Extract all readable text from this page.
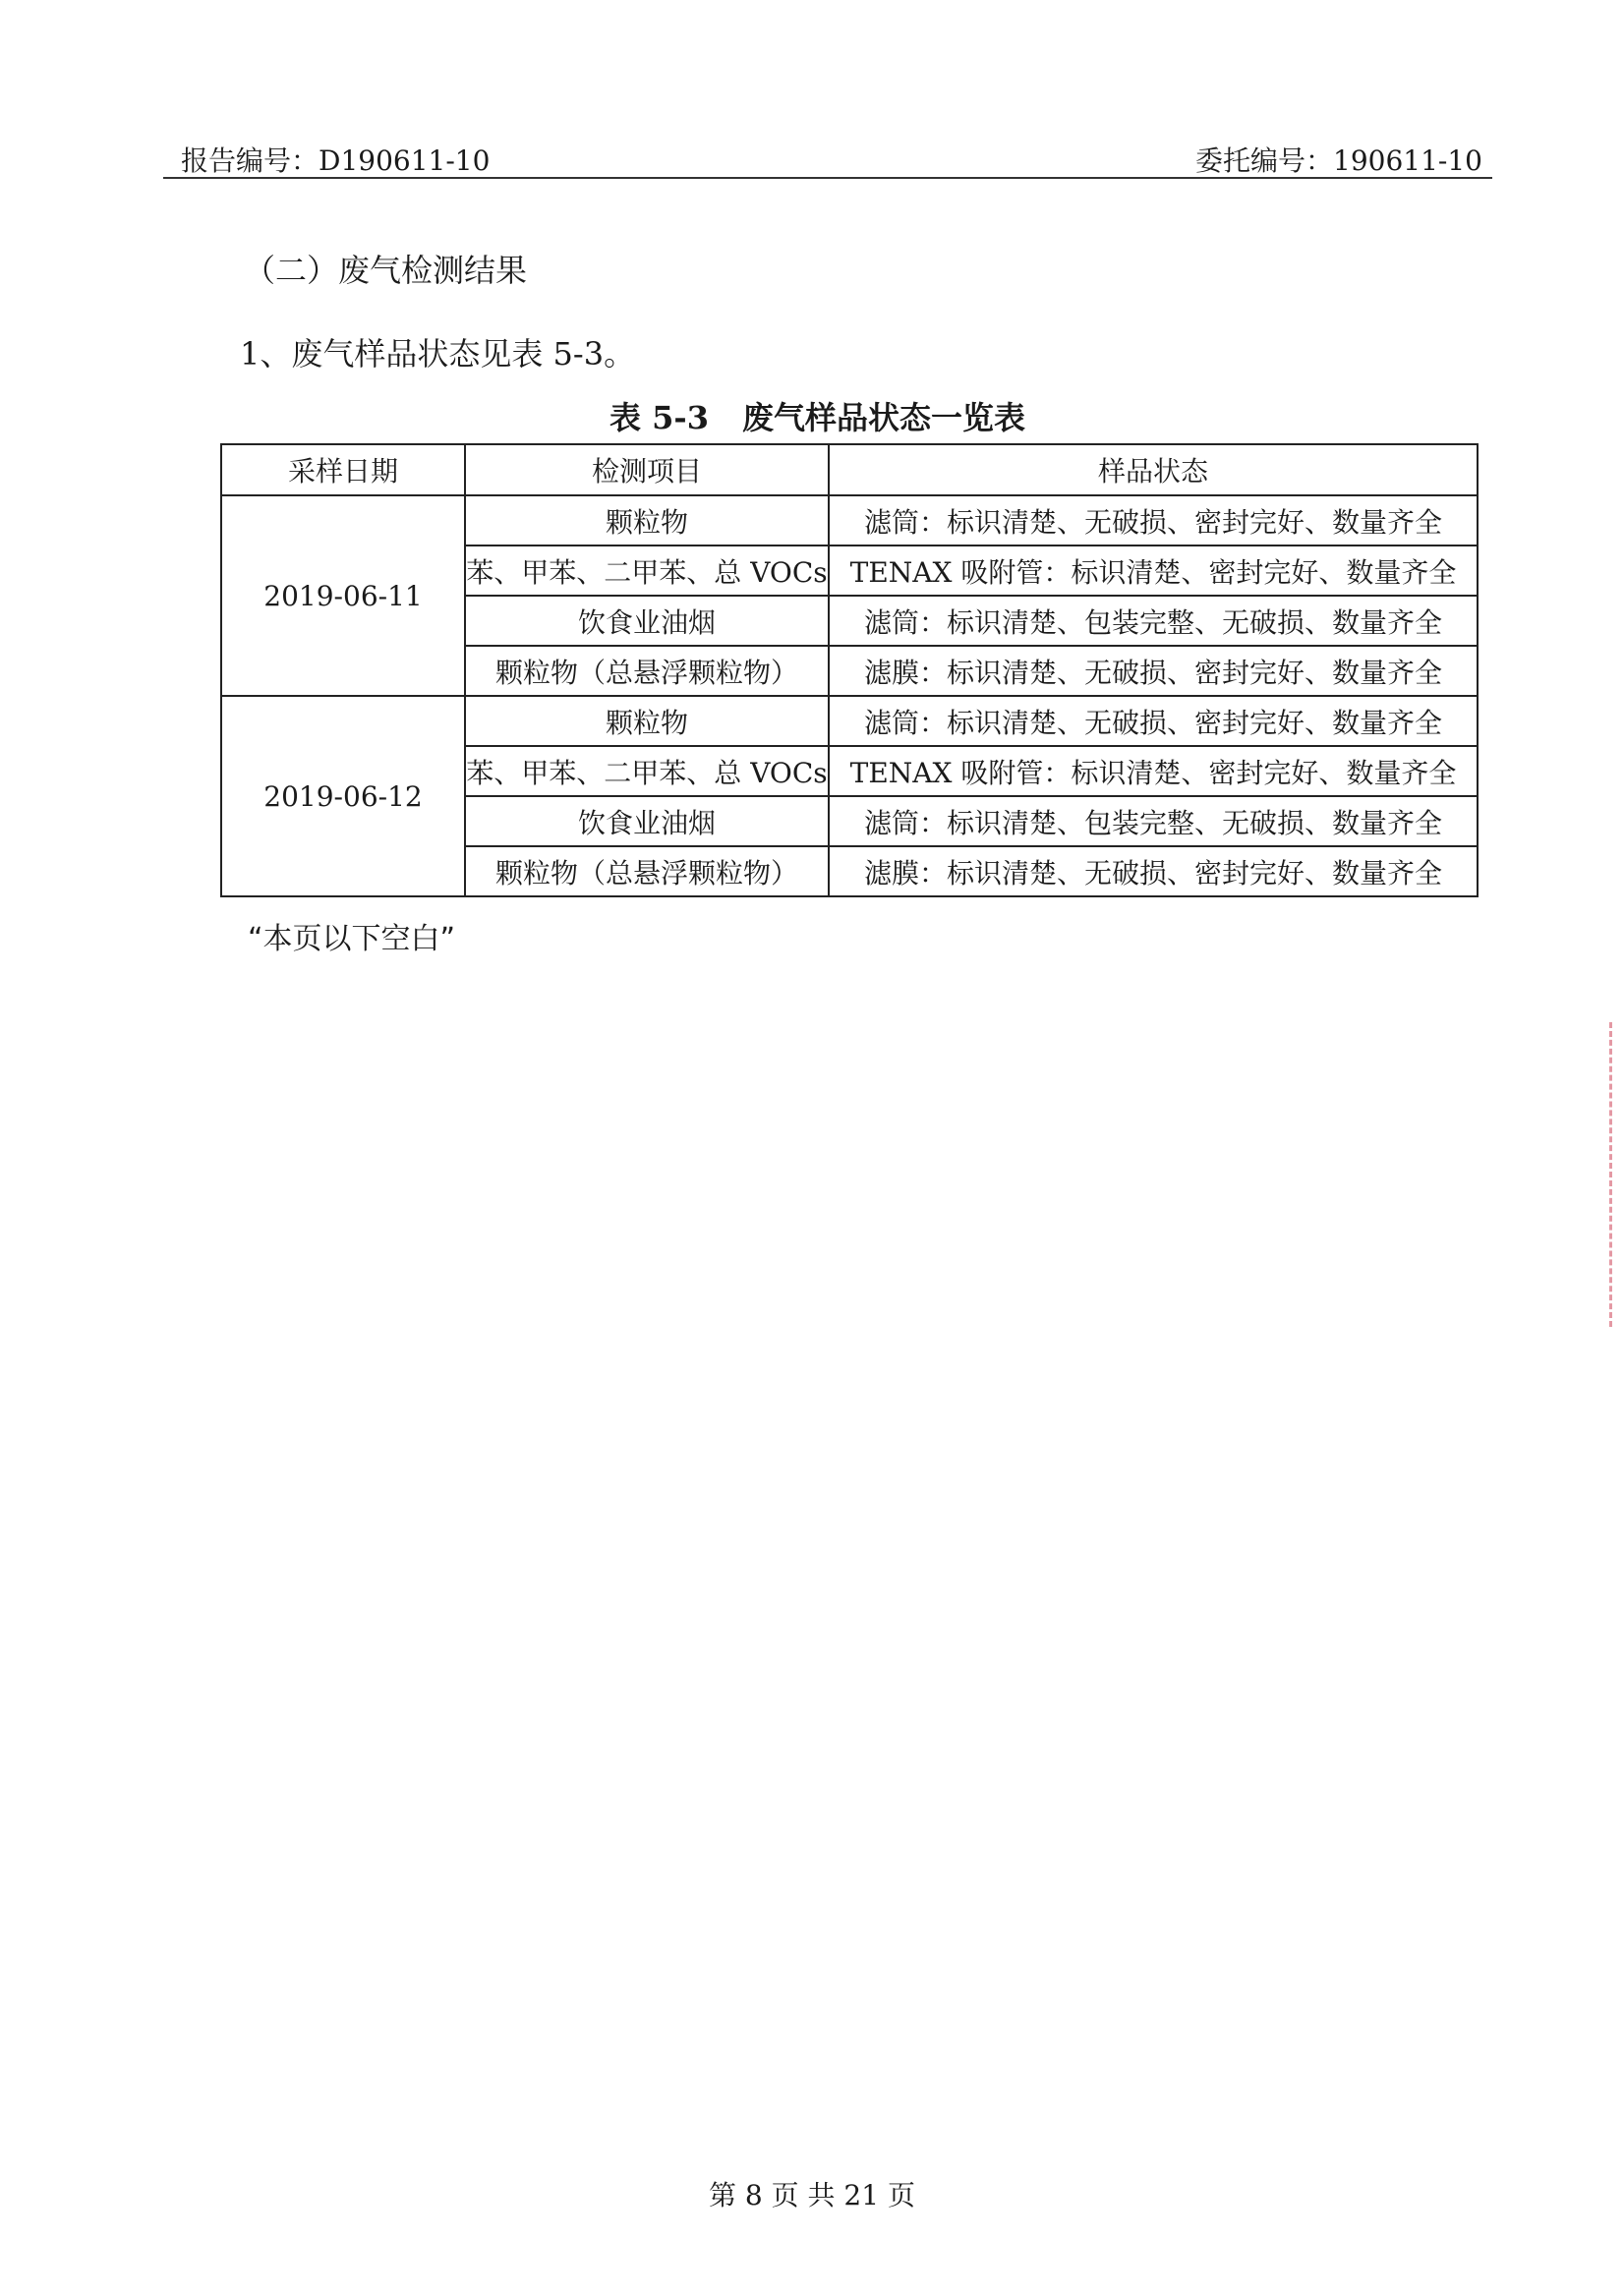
报告编号：D190611-10	委托编号：190611-10
（二）废气检测结果
1、废气样品状态见表 5-3。
表 5-3 废气样品状态一览表
采样日期	检测项目	样品状态
2019-06-11	颗粒物	滤筒：标识清楚、无破损、密封完好、数量齐全
	苯、甲苯、二甲苯、总 VOCs	TENAX 吸附管：标识清楚、密封完好、数量齐全
	饮食业油烟	滤筒：标识清楚、包装完整、无破损、数量齐全
	颗粒物（总悬浮颗粒物）	滤膜：标识清楚、无破损、密封完好、数量齐全
2019-06-12	颗粒物	滤筒：标识清楚、无破损、密封完好、数量齐全
	苯、甲苯、二甲苯、总 VOCs	TENAX 吸附管：标识清楚、密封完好、数量齐全
	饮食业油烟	滤筒：标识清楚、包装完整、无破损、数量齐全
	颗粒物（总悬浮颗粒物）	滤膜：标识清楚、无破损、密封完好、数量齐全
“本页以下空白”
第 8 页 共 21 页
